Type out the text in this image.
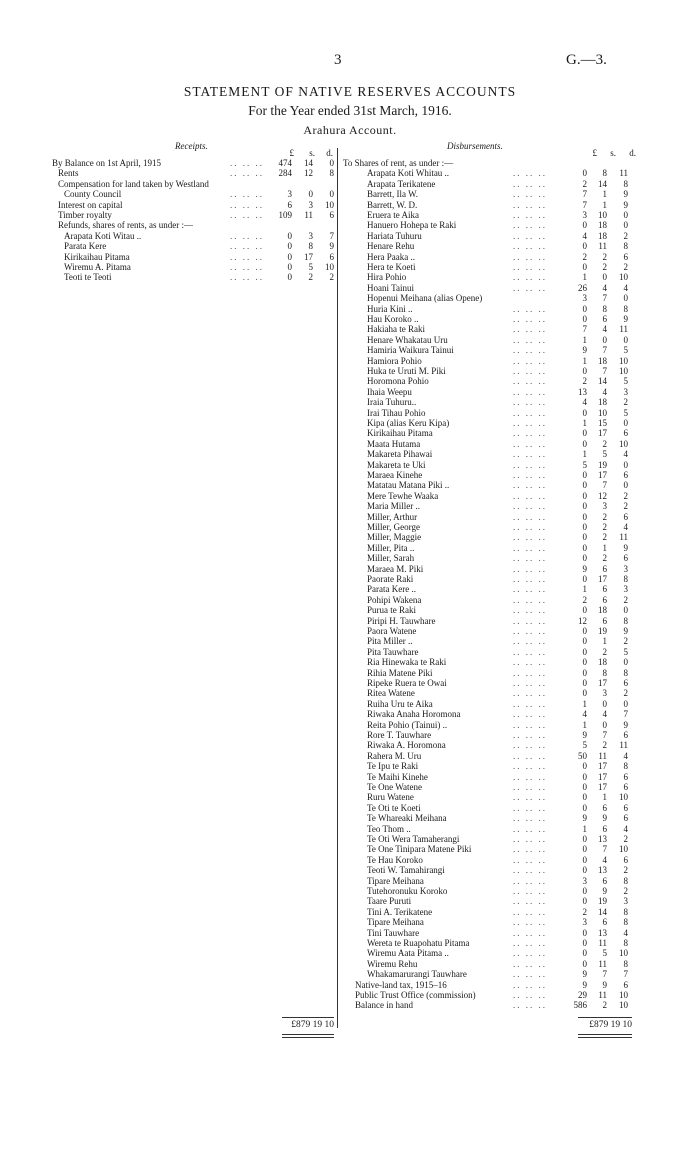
3	G.—3.
STATEMENT OF NATIVE RESERVES ACCOUNTS
For the Year ended 31st March, 1916.
Arahura Account.
Receipts.	Disbursements.
£ s. d.	£ s. d.
By Balance on 1st April, 1915	.. .. .. 474 14 0
Rents	.. .. .. 284 12 8
Compensation for land taken by Westland
County Council	.. .. ..	3 0 0
Interest on capital	.. .. ..	6 3 10
Timber royalty	.. .. .. 109 11 6
Refunds, shares of rents, as under :—
Arapata Koti Witau ..	.. .. ..	0 3 7
Parata Kere	.. .. ..	0 8 9
Kirikaihau Pitama	.. .. ..	0 17 6
Wiremu A. Pitama	.. .. ..	0 5 10
Teoti te Teoti	.. .. ..	0 2 2
To Shares of rent, as under :—
Arapata Koti Whitau ..	.. .. ..	0 8 11
Arapata Terikatene	.. .. ..	2 14 8
Barrett, Ila W.	.. .. ..	7 1 9
Barrett, W. D.	.. .. ..	7 1 9
Eruera te Aika	.. .. ..	3 10 0
Hanuero Hohepa te Raki	.. .. ..	0 18 0
Hariata Tuhuru	.. .. ..	4 18 2
Henare Rehu	.. .. ..	0 11 8
Hera Paaka ..	.. .. ..	2 2 6
Hera te Koeti	.. .. ..	0 2 2
Hira Pohio	.. .. ..	1 0 10
Hoani Tainui	.. .. ..	26 4 4
Hopenui Meihana (alias Opene)	3 7 0
Huria Kini ..	.. .. ..	0 8 8
Hau Koroko ..	.. .. ..	0 6 9
Hakiaha te Raki	.. .. ..	7 4 11
Henare Whakatau Uru	.. .. ..	1 0 0
Hamiria Waikura Tainui	.. .. ..	9 7 5
Hamiora Pohio	.. .. ..	1 18 10
Huka te Uruti M. Piki	.. .. ..	0 7 10
Horomona Pohio	.. .. ..	2 14 5
Ihaia Weepu	.. .. ..	13 4 3
Iraia Tuhuru..	.. .. ..	4 18 2
Irai Tihau Pohio	.. .. ..	0 10 5
Kipa (alias Keru Kipa)	.. .. ..	1 15 0
Kirikaihau Pitama	.. .. ..	0 17 6
Maata Hutama	.. .. ..	0 2 10
Makareta Pihawai	.. .. ..	1 5 4
Makareta te Uki	.. .. ..	5 19 0
Maraea Kinehe	.. .. ..	0 17 6
Matatau Matana Piki ..	.. .. ..	0 7 0
Mere Tewhe Waaka	.. .. ..	0 12 2
Maria Miller ..	.. .. ..	0 3 2
Miller, Arthur	.. .. ..	0 2 6
Miller, George	.. .. ..	0 2 4
Miller, Maggie	.. .. ..	0 2 11
Miller, Pita ..	.. .. ..	0 1 9
Miller, Sarah	.. .. ..	0 2 6
Maraea M. Piki	.. .. ..	9 6 3
Paorate Raki	.. .. ..	0 17 8
Parata Kere ..	.. .. ..	1 6 3
Pohipi Wakena	.. .. ..	2 6 2
Purua te Raki	.. .. ..	0 18 0
Piripi H. Tauwhare	.. .. ..	12 6 8
Paora Watene	.. .. ..	0 19 9
Pita Miller ..	.. .. ..	0 1 2
Pita Tauwhare	.. .. ..	0 2 5
Ria Hinewaka te Raki	.. .. ..	0 18 0
Rihia Matene Piki	.. .. ..	0 8 8
Ripeke Ruera te Owai	.. .. ..	0 17 6
Ritea Watene	.. .. ..	0 3 2
Ruiha Uru te Aika	.. .. ..	1 0 0
Riwaka Anaha Horomona	.. .. ..	4 4 7
Reita Pohio (Tainui) ..	.. .. ..	1 0 9
Rore T. Tauwhare	.. .. ..	9 7 6
Riwaka A. Horomona	.. .. ..	5 2 11
Rahera M. Uru	.. .. ..	50 11 4
Te Ipu te Raki	.. .. ..	0 17 8
Te Maihi Kinehe	.. .. ..	0 17 6
Te One Watene	.. .. ..	0 17 6
Ruru Watene	.. .. ..	0 1 10
Te Oti te Koeti	.. .. ..	0 6 6
Te Whareaki Meihana	.. .. ..	9 9 6
Teo Thom ..	.. .. ..	1 6 4
Te Oti Wera Tamaherangi	.. .. ..	0 13 2
Te One Tinipara Matene Piki	.. .. ..	0 7 10
Te Hau Koroko	.. .. ..	0 4 6
Teoti W. Tamahirangi	.. .. ..	0 13 2
Tipare Meihana	.. .. ..	3 6 8
Tutehoronuku Koroko	.. .. ..	0 9 2
Taare Puruti	.. .. ..	0 19 3
Tini A. Terikatene	.. .. ..	2 14 8
Tipare Meihana	.. .. ..	3 6 8
Tini Tauwhare	.. .. ..	0 13 4
Wereta te Ruapohatu Pitama	.. .. ..	0 11 8
Wiremu Aata Pitama ..	.. .. ..	0 5 10
Wiremu Rehu	.. .. ..	0 11 8
Whakamarurangi Tauwhare	.. .. ..	9 7 7
Native-land tax, 1915–16	.. .. ..	9 9 6
Public Trust Office (commission)	.. .. ..	29 11 10
Balance in hand	.. .. ..	586 2 10
£879 19 10	£879 19 10
